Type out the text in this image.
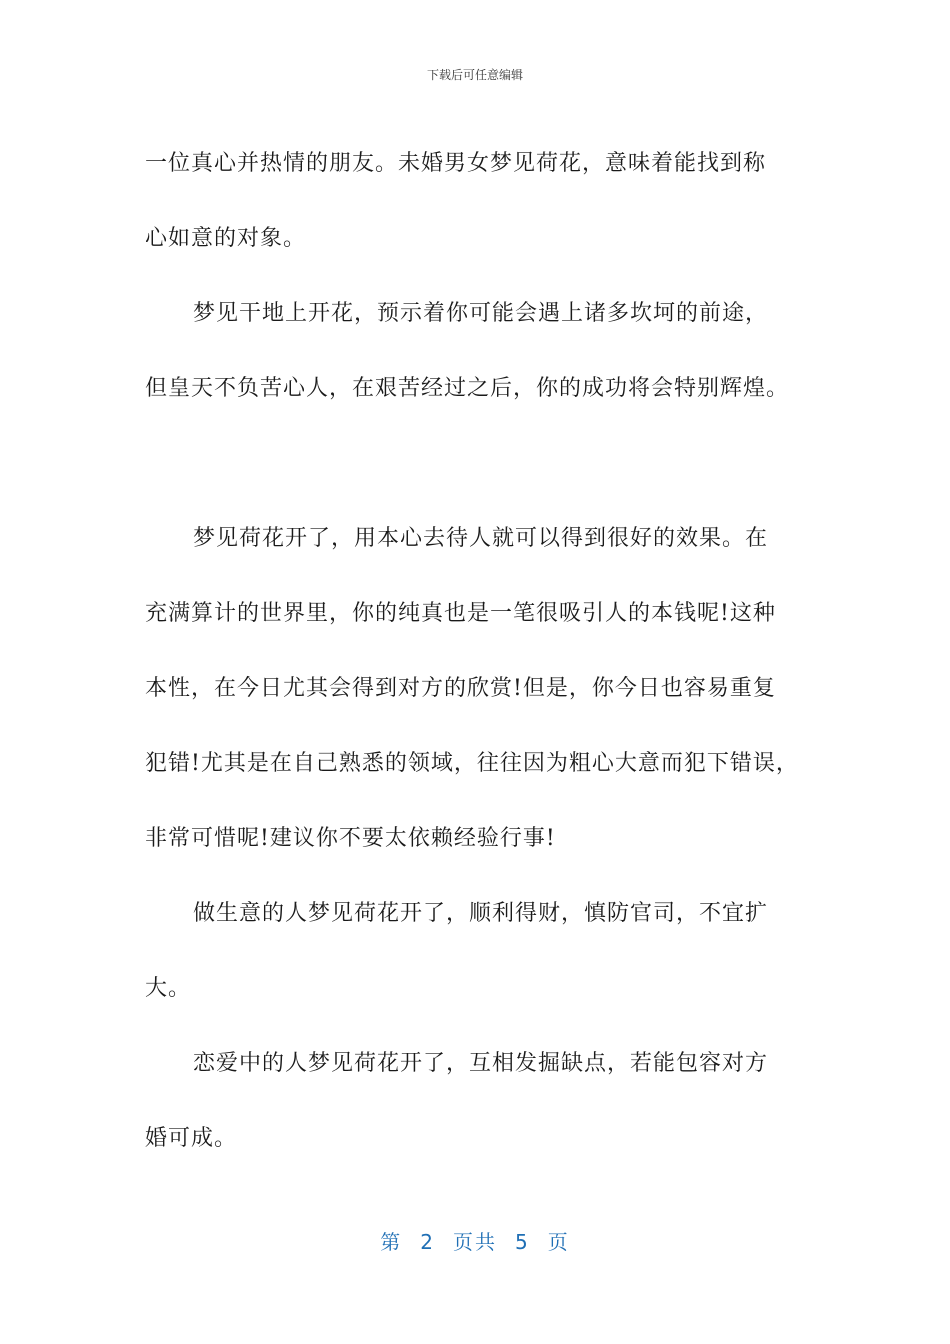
下载后可任意编辑
一位真心并热情的朋友。未婚男女梦见荷花，意味着能找到称
心如意的对象。
梦见干地上开花，预示着你可能会遇上诸多坎坷的前途，
但皇天不负苦心人，在艰苦经过之后，你的成功将会特别辉煌。
梦见荷花开了，用本心去待人就可以得到很好的效果。在
充满算计的世界里，你的纯真也是一笔很吸引人的本钱呢!这种
本性，在今日尤其会得到对方的欣赏!但是，你今日也容易重复
犯错!尤其是在自己熟悉的领域，往往因为粗心大意而犯下错误，
非常可惜呢!建议你不要太依赖经验行事!
做生意的人梦见荷花开了，顺利得财，慎防官司，不宜扩
大。
恋爱中的人梦见荷花开了，互相发掘缺点，若能包容对方
婚可成。
第 2 页共 5 页
